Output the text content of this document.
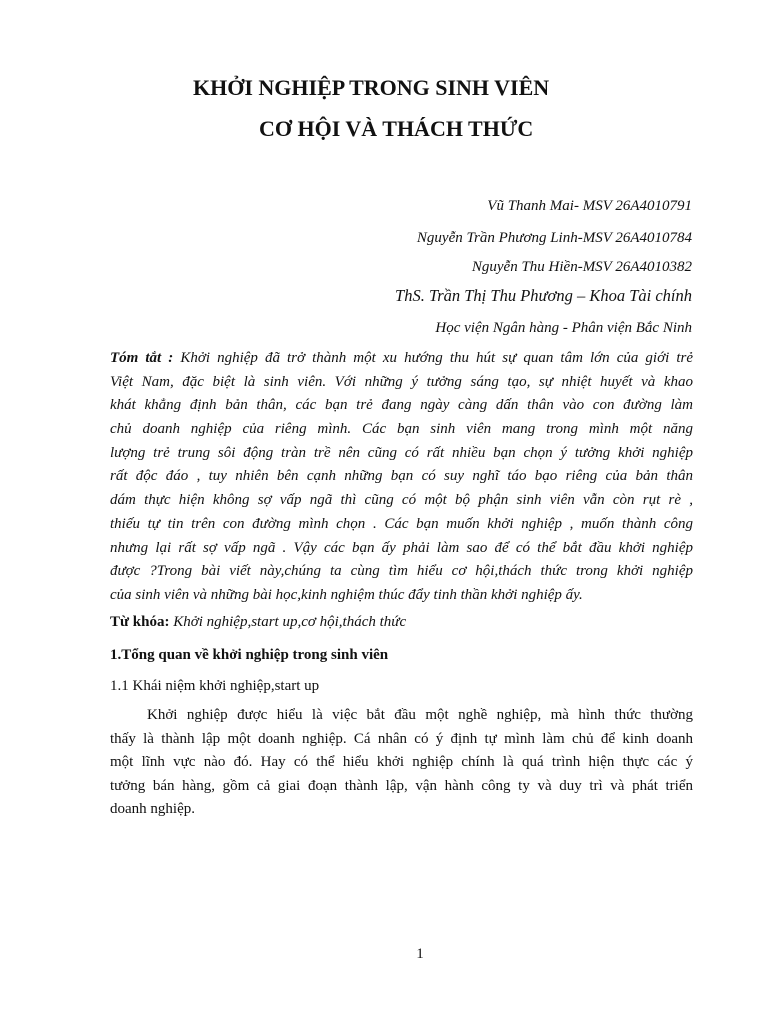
KHỞI NGHIỆP TRONG SINH VIÊN
CƠ HỘI VÀ THÁCH THỨC
Vũ Thanh Mai- MSV 26A4010791
Nguyễn Trần Phương Linh-MSV 26A4010784
Nguyễn Thu Hiền-MSV 26A4010382
ThS. Trần Thị Thu Phương – Khoa Tài chính
Học viện Ngân hàng - Phân viện Bắc Ninh
Tóm tắt : Khởi nghiệp đã trở thành một xu hướng thu hút sự quan tâm lớn của giới trẻ
Việt Nam, đặc biệt là sinh viên. Với những ý tưởng sáng tạo, sự nhiệt huyết và khao
khát khẳng định bản thân, các bạn trẻ đang ngày càng dấn thân vào con đường làm
chủ doanh nghiệp của riêng mình. Các bạn sinh viên mang trong mình một năng
lượng trẻ trung sôi động tràn trề nên cũng có rất nhiều bạn chọn ý tưởng khởi nghiệp
rất độc đáo , tuy nhiên bên cạnh những bạn có suy nghĩ táo bạo riêng của bản thân
dám thực hiện không sợ vấp ngã thì cũng có một bộ phận sinh viên vẫn còn rụt rè ,
thiếu tự tin trên con đường mình chọn . Các bạn muốn khởi nghiệp , muốn thành công
nhưng lại rất sợ vấp ngã . Vậy các bạn ấy phải làm sao để có thể bắt đầu khởi nghiệp
được ?Trong bài viết này,chúng ta cùng tìm hiểu cơ hội,thách thức trong khởi nghiệp
của sinh viên và những bài học,kinh nghiệm thúc đẩy tinh thần khởi nghiệp ấy.
Từ khóa: Khởi nghiệp,start up,cơ hội,thách thức
1.Tổng quan về khởi nghiệp trong sinh viên
1.1 Khái niệm khởi nghiệp,start up
Khởi nghiệp được hiểu là việc bắt đầu một nghề nghiệp, mà hình thức thường
thấy là thành lập một doanh nghiệp. Cá nhân có ý định tự mình làm chủ để kinh doanh
một lĩnh vực nào đó. Hay có thể hiểu khởi nghiệp chính là quá trình hiện thực các ý
tưởng bán hàng, gồm cả giai đoạn thành lập, vận hành công ty và duy trì và phát triển
doanh nghiệp.
1
